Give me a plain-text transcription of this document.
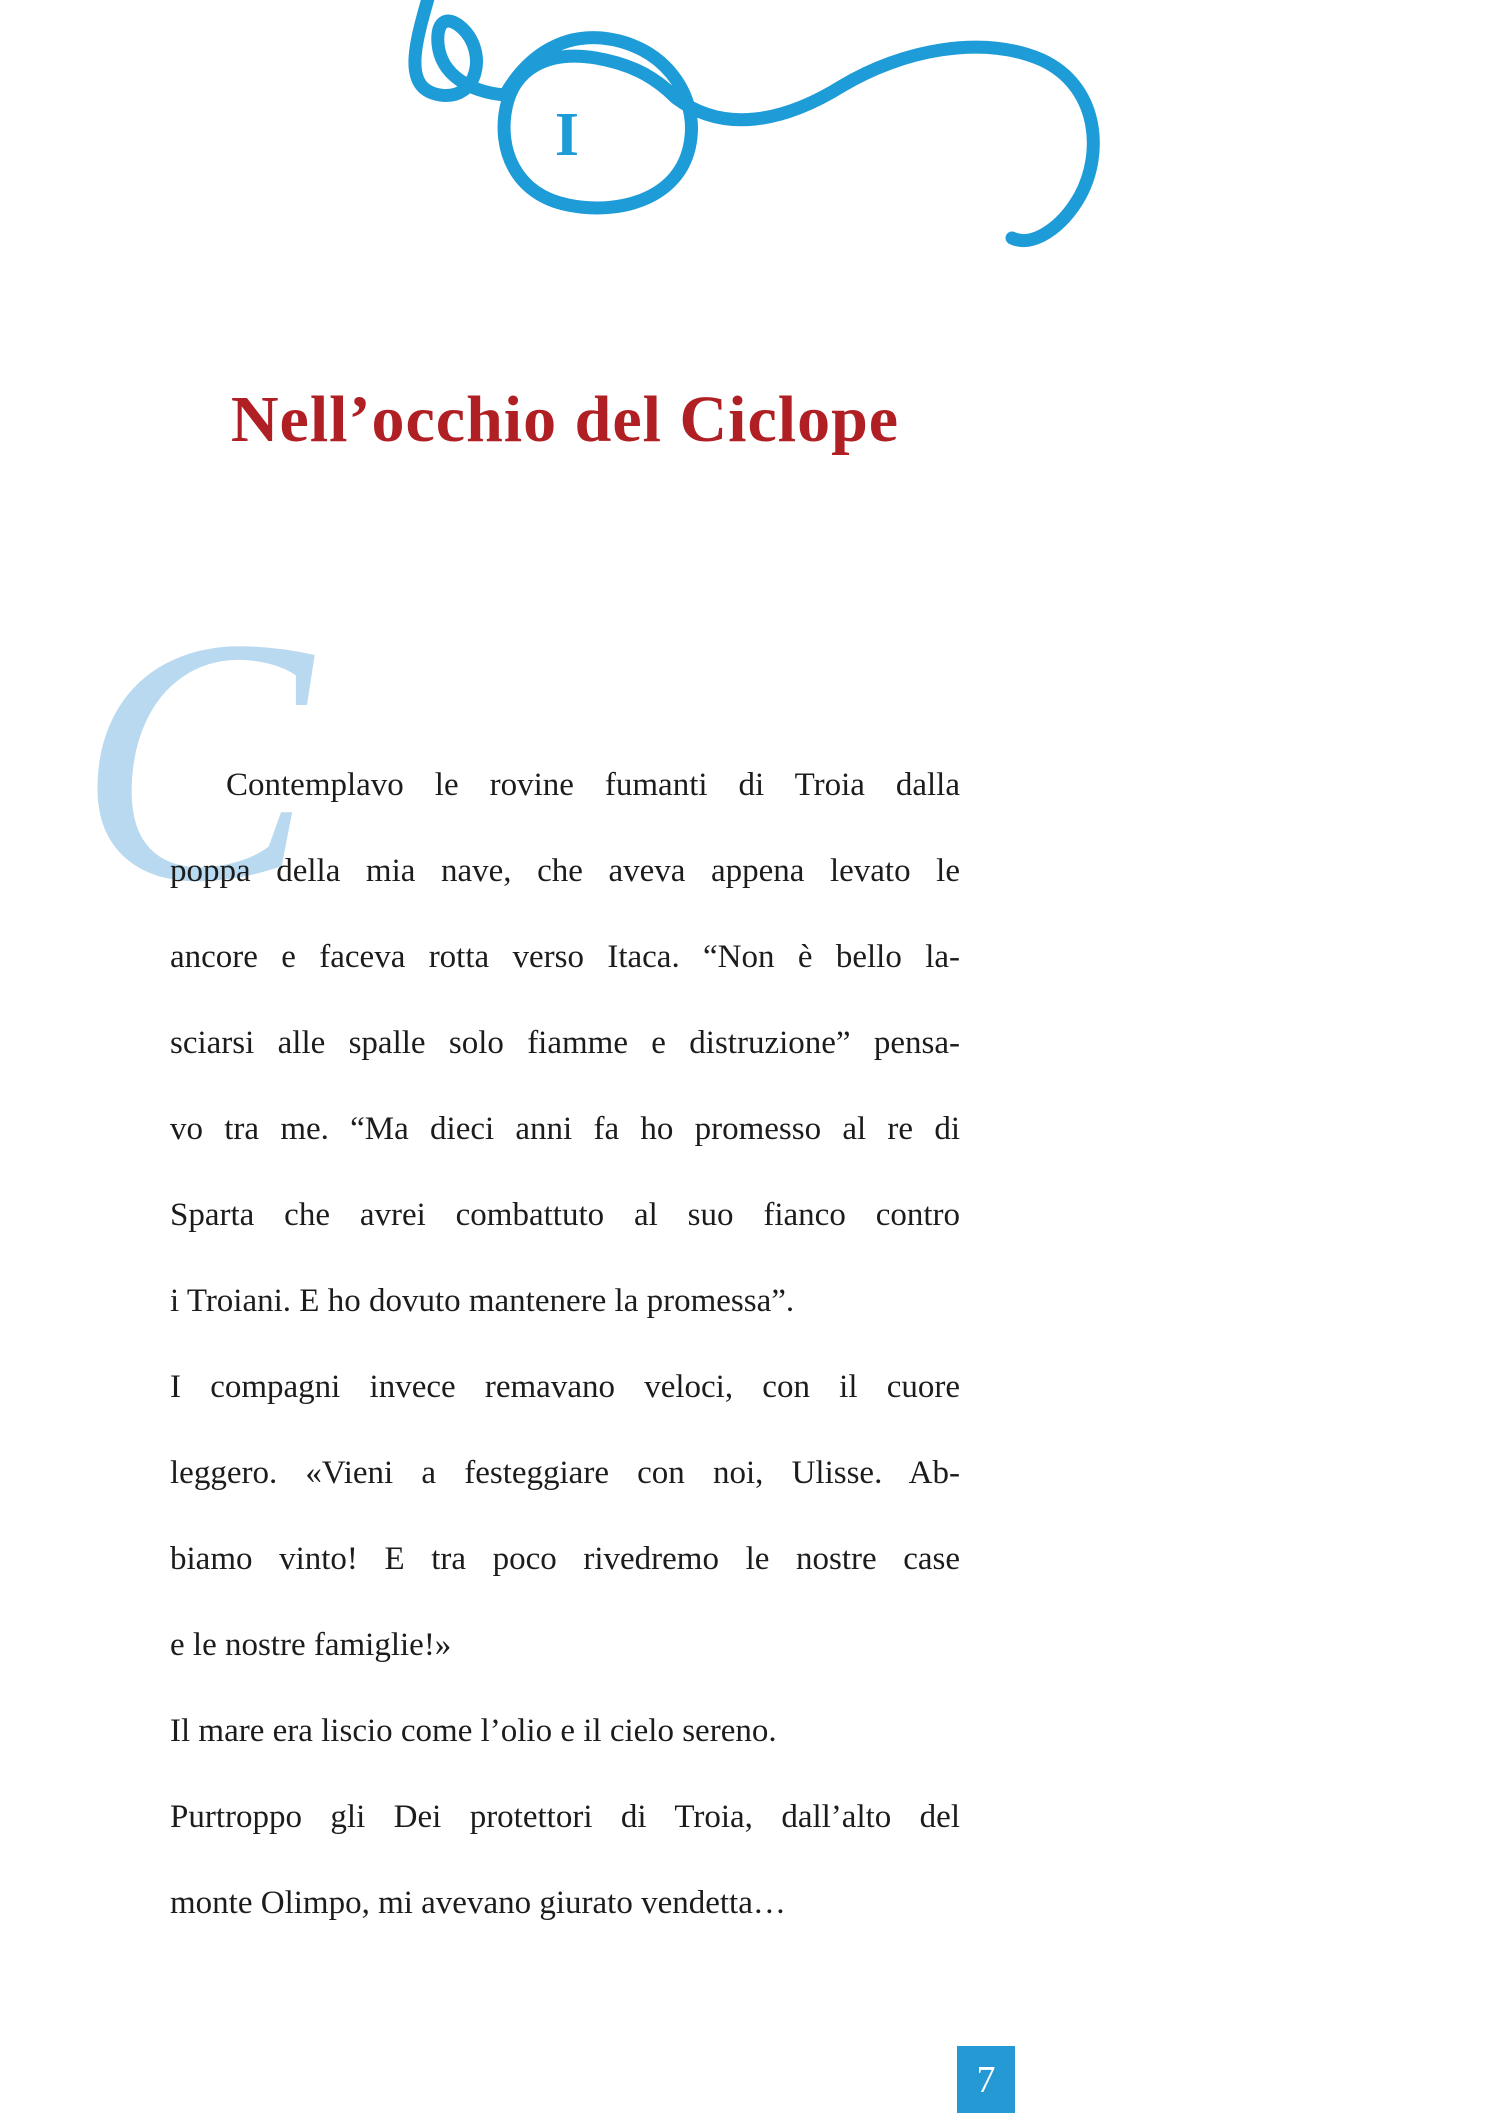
I
Nell’occhio del Ciclope
C
Contemplavo le rovine fumanti di Troia dalla
poppa della mia nave, che aveva appena levato le
ancore e faceva rotta verso Itaca. “Non è bello la-
sciarsi alle spalle solo fiamme e distruzione” pensa-
vo tra me. “Ma dieci anni fa ho promesso al re di
Sparta che avrei combattuto al suo fianco contro
i Troiani. E ho dovuto mantenere la promessa”.
I compagni invece remavano veloci, con il cuore
leggero. «Vieni a festeggiare con noi, Ulisse. Ab-
biamo vinto! E tra poco rivedremo le nostre case
e le nostre famiglie!»
Il mare era liscio come l’olio e il cielo sereno.
Purtroppo gli Dei protettori di Troia, dall’alto del
monte Olimpo, mi avevano giurato vendetta…
7
